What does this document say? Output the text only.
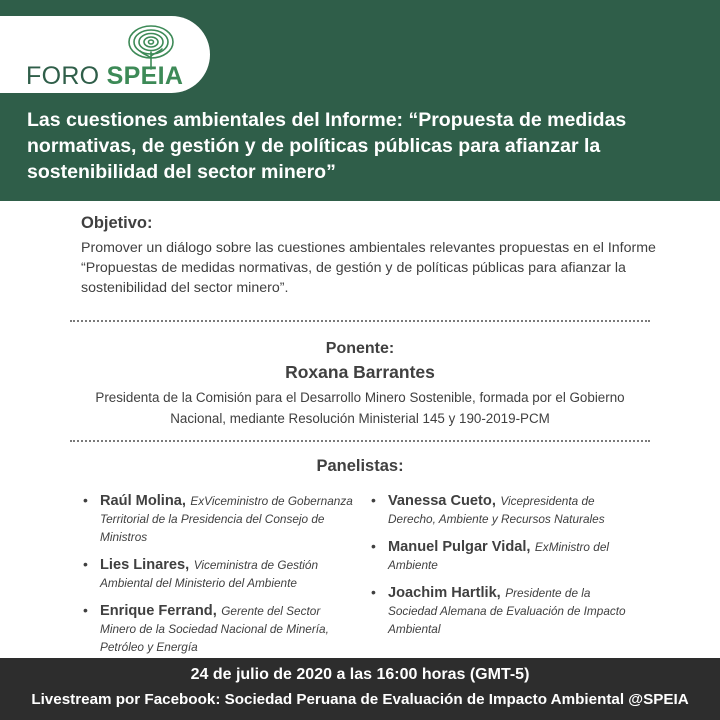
FORO SPEIA
Las cuestiones ambientales del Informe: “Propuesta de medidas normativas, de gestión y de políticas públicas para afianzar la sostenibilidad del sector minero”
Objetivo:
Promover un diálogo sobre las cuestiones ambientales relevantes propuestas en el Informe “Propuestas de medidas normativas, de gestión y de políticas públicas para afianzar la sostenibilidad del sector minero”.
Ponente:
Roxana Barrantes
Presidenta de la Comisión para el Desarrollo Minero Sostenible, formada por el Gobierno
Nacional, mediante Resolución Ministerial 145 y 190-2019-PCM
Panelistas:
• Raúl Molina, ExViceministro de Gobernanza Territorial de la Presidencia del Consejo de Ministros
• Lies Linares, Viceministra de Gestión Ambiental del Ministerio del Ambiente
• Enrique Ferrand, Gerente del Sector Minero de la Sociedad Nacional de Minería, Petróleo y Energía
• Vanessa Cueto, Vicepresidenta de Derecho, Ambiente y Recursos Naturales
• Manuel Pulgar Vidal, ExMinistro del Ambiente
• Joachim Hartlik, Presidente de la Sociedad Alemana de Evaluación de Impacto Ambiental
24 de julio de 2020 a las 16:00 horas (GMT-5)
Livestream por Facebook: Sociedad Peruana de Evaluación de Impacto Ambiental @SPEIA
